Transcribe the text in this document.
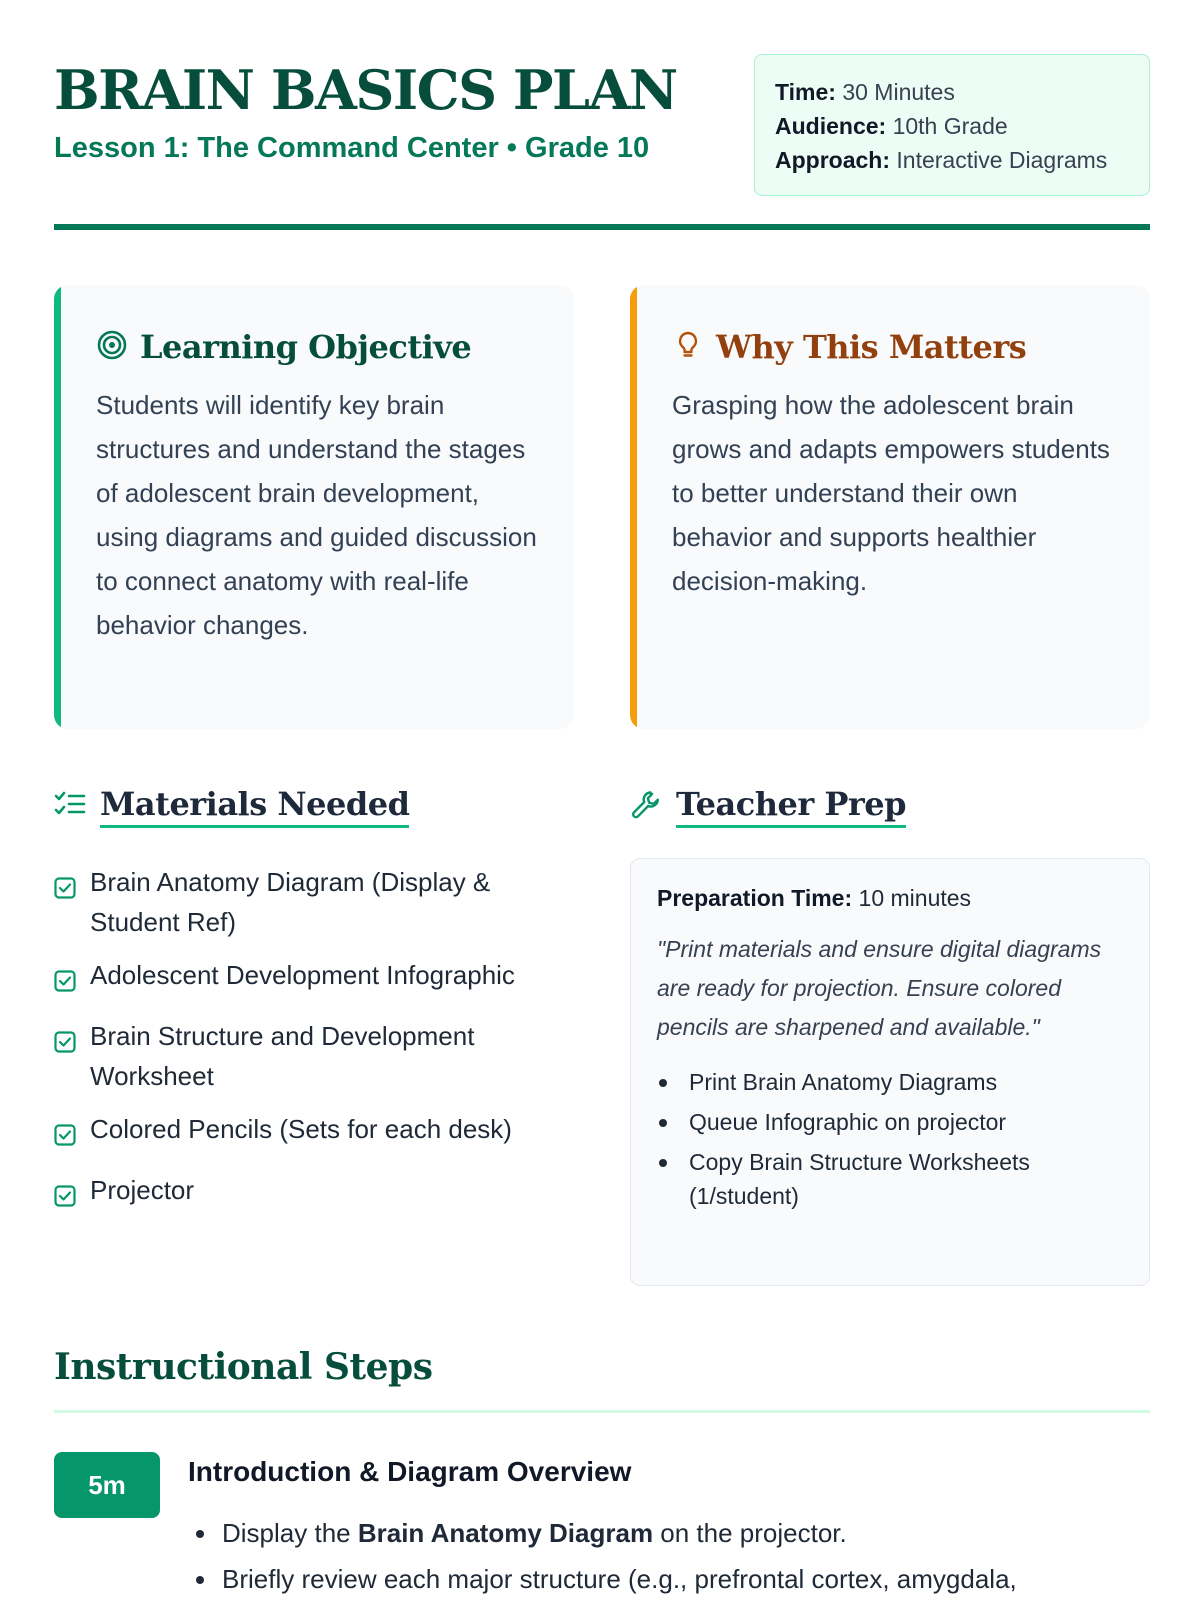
BRAIN BASICS PLAN
Lesson 1: The Command Center • Grade 10
Time: 30 Minutes
Audience: 10th Grade
Approach: Interactive Diagrams
Learning Objective
Students will identify key brain structures and understand the stages of adolescent brain development, using diagrams and guided discussion to connect anatomy with real-life behavior changes.
Why This Matters
Grasping how the adolescent brain grows and adapts empowers students to better understand their own behavior and supports healthier decision-making.
Materials Needed
Brain Anatomy Diagram (Display & Student Ref)
Adolescent Development Infographic
Brain Structure and Development Worksheet
Colored Pencils (Sets for each desk)
Projector
Teacher Prep
Preparation Time: 10 minutes
"Print materials and ensure digital diagrams are ready for projection. Ensure colored pencils are sharpened and available."
Print Brain Anatomy Diagrams
Queue Infographic on projector
Copy Brain Structure Worksheets (1/student)
Instructional Steps
5m	Introduction & Diagram Overview
Display the Brain Anatomy Diagram on the projector.
Briefly review each major structure (e.g., prefrontal cortex, amygdala,
